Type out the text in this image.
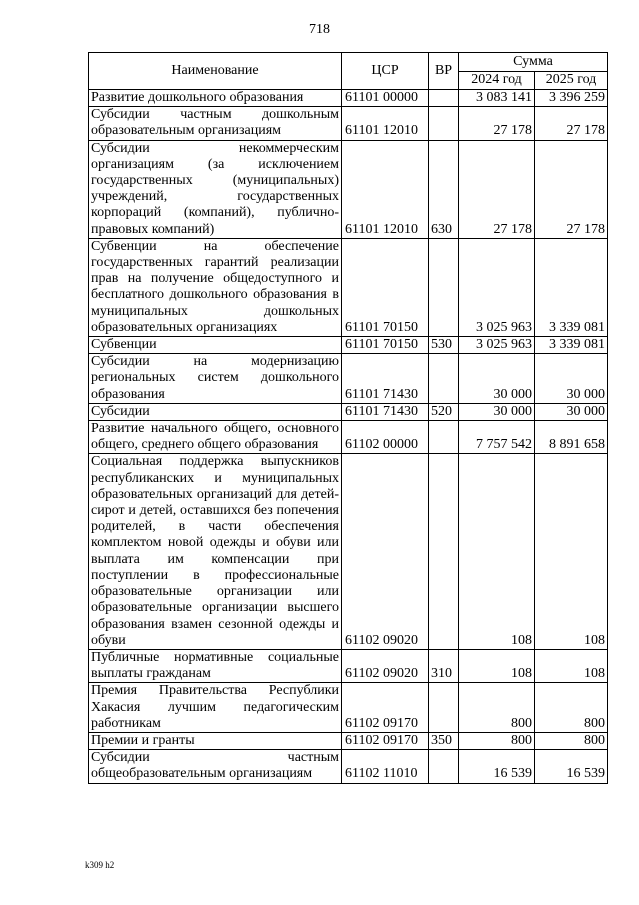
718
Наименование	ЦСР	ВР	Сумма	
			2024 год	2025 год
Развитие дошкольного образования	61101 00000		3 083 141	3 396 259
Субсидии частным дошкольным образовательным организациям	61101 12010		27 178	27 178
Субсидии некоммерческим организациям (за исключением государственных (муниципальных) учреждений, государственных корпораций (компаний), публично-правовых компаний)	61101 12010	630	27 178	27 178
Субвенции на обеспечение государственных гарантий реализации прав на получение общедоступного и бесплатного дошкольного образования в муниципальных дошкольных образовательных организациях	61101 70150		3 025 963	3 339 081
Субвенции	61101 70150	530	3 025 963	3 339 081
Субсидии на модернизацию региональных систем дошкольного образования	61101 71430		30 000	30 000
Субсидии	61101 71430	520	30 000	30 000
Развитие начального общего, основного общего, среднего общего образования	61102 00000		7 757 542	8 891 658
Социальная поддержка выпускников республиканских и муниципальных образовательных организаций для детей-сирот и детей, оставшихся без попечения родителей, в части обеспечения комплектом новой одежды и обуви или выплата им компенсации при поступлении в профессиональные образовательные организации или образовательные организации высшего образования взамен сезонной одежды и обуви	61102 09020		108	108
Публичные нормативные социальные выплаты гражданам	61102 09020	310	108	108
Премия Правительства Республики Хакасия лучшим педагогическим работникам	61102 09170		800	800
Премии и гранты	61102 09170	350	800	800
Субсидии частным общеобразовательным организациям	61102 11010		16 539	16 539
k309 h2
